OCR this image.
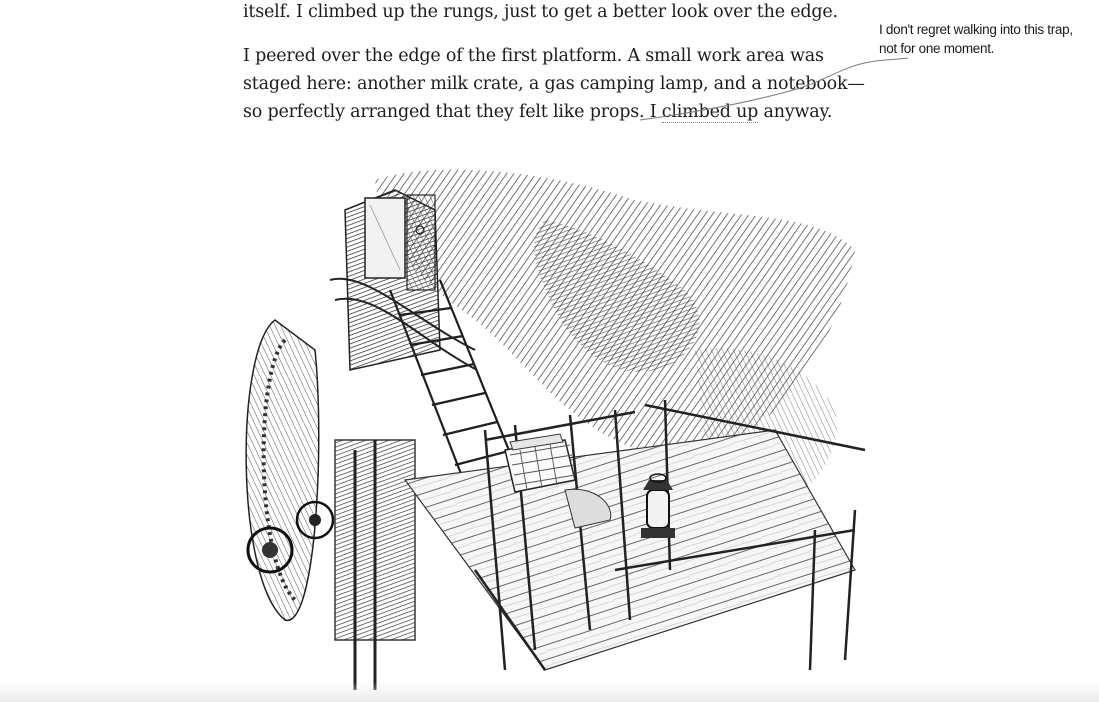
itself. I climbed up the rungs, just to get a better look over the edge.

I peered over the edge of the first platform. A small work area was
staged here: another milk crate, a gas camping lamp, and a notebook—
so perfectly arranged that they felt like props. I climbed up anyway.

I don't regret walking into this trap,
not for one moment.
